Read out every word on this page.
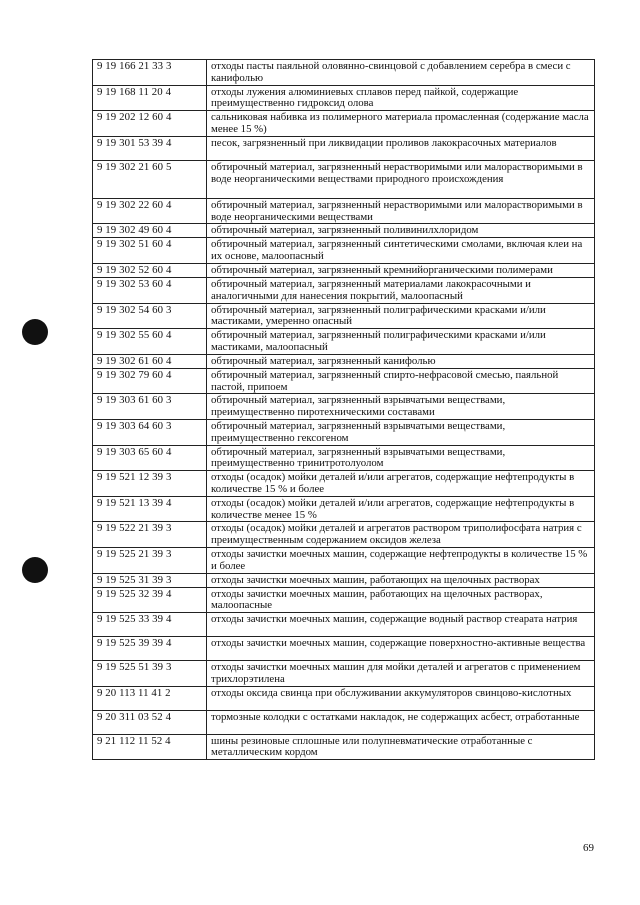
9 19 166 21 33 3	отходы пасты паяльной оловянно-свинцовой с добавлением серебра в смеси с канифолью
9 19 168 11 20 4	отходы лужения алюминиевых сплавов перед пайкой, содержащие преимущественно гидроксид олова
9 19 202 12 60 4	сальниковая набивка из полимерного материала промасленная (содержание масла менее 15 %)
9 19 301 53 39 4	песок, загрязненный при ликвидации проливов лакокрасочных материалов
9 19 302 21 60 5	обтирочный материал, загрязненный нерастворимыми или малорастворимыми в воде неорганическими веществами природного происхождения
9 19 302 22 60 4	обтирочный материал, загрязненный нерастворимыми или малорастворимыми в воде неорганическими веществами
9 19 302 49 60 4	обтирочный материал, загрязненный поливинилхлоридом
9 19 302 51 60 4	обтирочный материал, загрязненный синтетическими смолами, включая клеи на их основе, малоопасный
9 19 302 52 60 4	обтирочный материал, загрязненный кремнийорганическими полимерами
9 19 302 53 60 4	обтирочный материал, загрязненный материалами лакокрасочными и аналогичными для нанесения покрытий, малоопасный
9 19 302 54 60 3	обтирочный материал, загрязненный полиграфическими красками и/или мастиками, умеренно опасный
9 19 302 55 60 4	обтирочный материал, загрязненный полиграфическими красками и/или мастиками, малоопасный
9 19 302 61 60 4	обтирочный материал, загрязненный канифолью
9 19 302 79 60 4	обтирочный материал, загрязненный спирто-нефрасовой смесью, паяльной пастой, припоем
9 19 303 61 60 3	обтирочный материал, загрязненный взрывчатыми веществами, преимущественно пиротехническими составами
9 19 303 64 60 3	обтирочный материал, загрязненный взрывчатыми веществами, преимущественно гексогеном
9 19 303 65 60 4	обтирочный материал, загрязненный взрывчатыми веществами, преимущественно тринитротолуолом
9 19 521 12 39 3	отходы (осадок) мойки деталей и/или агрегатов, содержащие нефтепродукты в количестве 15 % и более
9 19 521 13 39 4	отходы (осадок) мойки деталей и/или агрегатов, содержащие нефтепродукты в количестве менее 15 %
9 19 522 21 39 3	отходы (осадок) мойки деталей и агрегатов раствором триполифосфата натрия с преимущественным содержанием оксидов железа
9 19 525 21 39 3	отходы зачистки моечных машин, содержащие нефтепродукты в количестве 15 % и более
9 19 525 31 39 3	отходы зачистки моечных машин, работающих на щелочных растворах
9 19 525 32 39 4	отходы зачистки моечных машин, работающих на щелочных растворах, малоопасные
9 19 525 33 39 4	отходы зачистки моечных машин, содержащие водный раствор стеарата натрия
9 19 525 39 39 4	отходы зачистки моечных машин, содержащие поверхностно-активные вещества
9 19 525 51 39 3	отходы зачистки моечных машин для мойки деталей и агрегатов с применением трихлорэтилена
9 20 113 11 41 2	отходы оксида свинца при обслуживании аккумуляторов свинцово-кислотных
9 20 311 03 52 4	тормозные колодки с остатками накладок, не содержащих асбест, отработанные
9 21 112 11 52 4	шины резиновые сплошные или полупневматические отработанные с металлическим кордом
69
